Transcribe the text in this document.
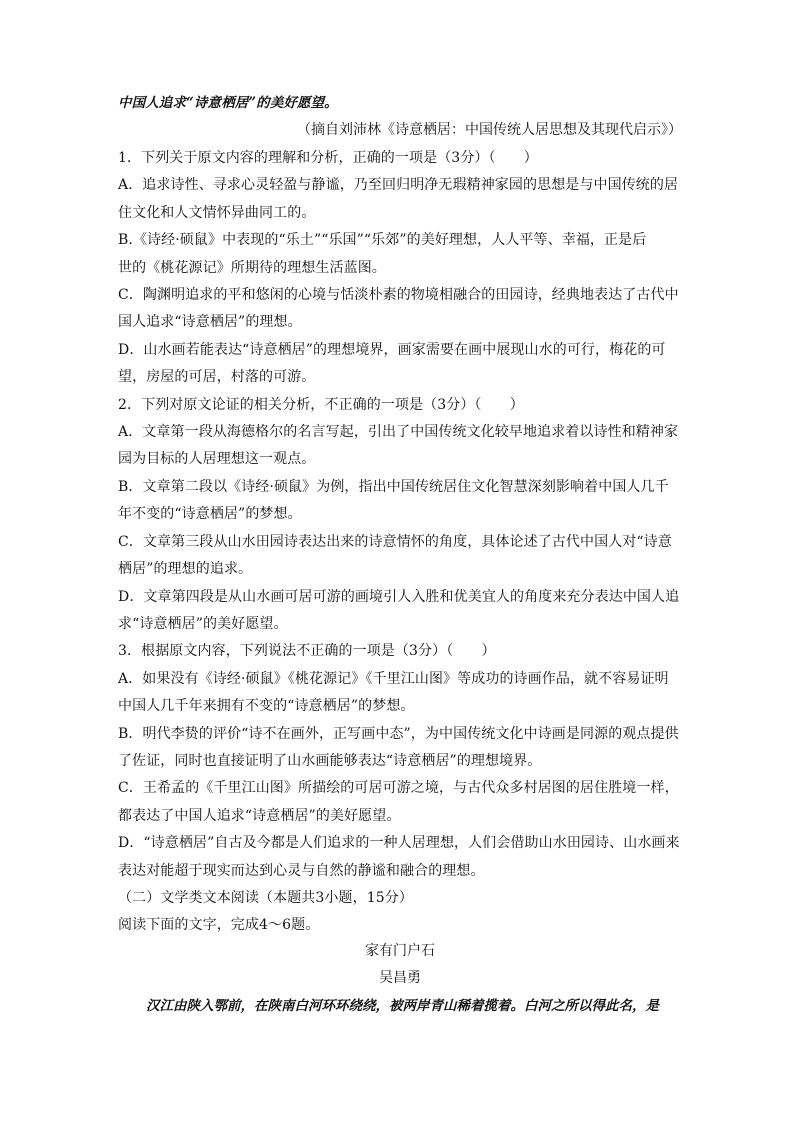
中国人追求“诗意栖居”的美好愿望。
（摘自刘沛林《诗意栖居：中国传统人居思想及其现代启示》）
1．下列关于原文内容的理解和分析，正确的一项是（3分）（　　）
A．追求诗性、寻求心灵轻盈与静谧，乃至回归明净无瑕精神家园的思想是与中国传统的居
住文化和人文情怀异曲同工的。
B.《诗经·硕鼠》中表现的“乐土”“乐国”“乐郊”的美好理想，人人平等、幸福，正是后
世的《桃花源记》所期待的理想生活蓝图。
C．陶渊明追求的平和悠闲的心境与恬淡朴素的物境相融合的田园诗，经典地表达了古代中
国人追求“诗意栖居”的理想。
D．山水画若能表达“诗意栖居”的理想境界，画家需要在画中展现山水的可行，梅花的可
望，房屋的可居，村落的可游。
2．下列对原文论证的相关分析，不正确的一项是（3分）（　　）
A．文章第一段从海德格尔的名言写起，引出了中国传统文化较早地追求着以诗性和精神家
园为目标的人居理想这一观点。
B．文章第二段以《诗经·硕鼠》为例，指出中国传统居住文化智慧深刻影响着中国人几千
年不变的“诗意栖居”的梦想。
C．文章第三段从山水田园诗表达出来的诗意情怀的角度，具体论述了古代中国人对“诗意
栖居”的理想的追求。
D．文章第四段是从山水画可居可游的画境引人入胜和优美宜人的角度来充分表达中国人追
求“诗意栖居”的美好愿望。
3．根据原文内容，下列说法不正确的一项是（3分）（　　）
A．如果没有《诗经·硕鼠》《桃花源记》《千里江山图》等成功的诗画作品，就不容易证明
中国人几千年来拥有不变的“诗意栖居”的梦想。
B．明代李贽的评价“诗不在画外，正写画中态”，为中国传统文化中诗画是同源的观点提供
了佐证，同时也直接证明了山水画能够表达“诗意栖居”的理想境界。
C．王希孟的《千里江山图》所描绘的可居可游之境，与古代众多村居图的居住胜境一样，
都表达了中国人追求“诗意栖居”的美好愿望。
D．“诗意栖居”自古及今都是人们追求的一种人居理想，人们会借助山水田园诗、山水画来
表达对能超于现实而达到心灵与自然的静谧和融合的理想。
（二）文学类文本阅读（本题共3小题，15分）
阅读下面的文字，完成4～6题。
家有门户石
吴昌勇
汉江由陕入鄂前，在陕南白河环环绕绕，被两岸青山稀着揽着。白河之所以得此名，是
